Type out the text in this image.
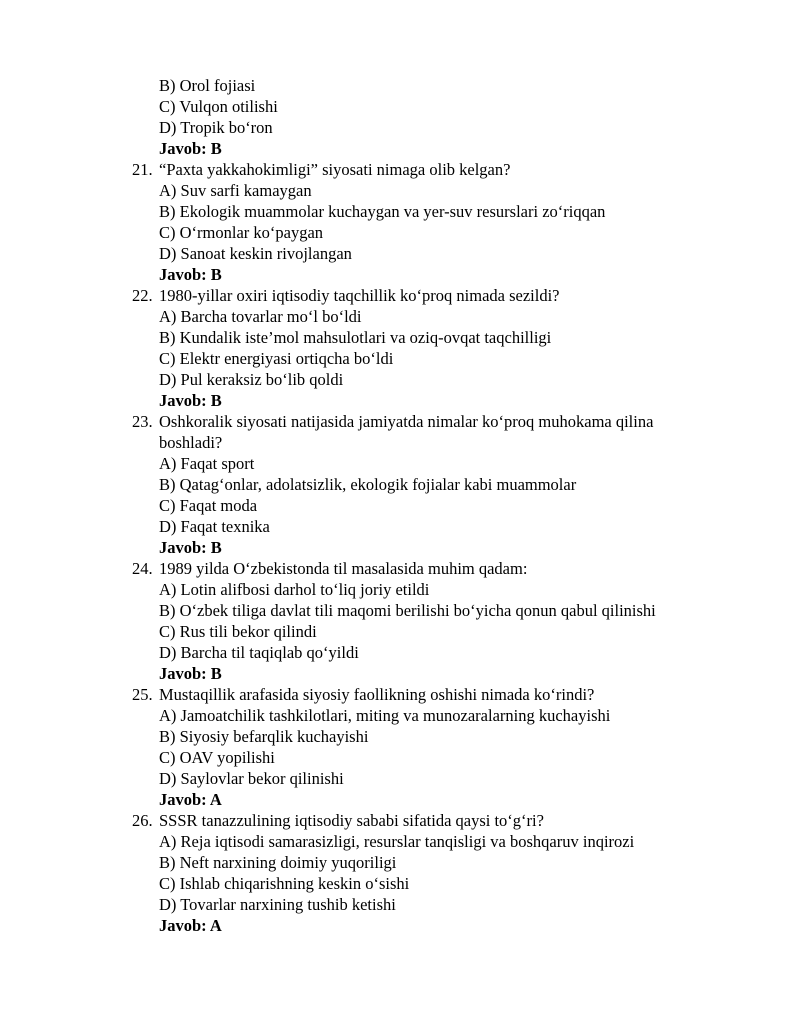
B) Orol fojiasi
C) Vulqon otilishi
D) Tropik bo‘ron
Javob: B
21. “Paxta yakkahokimligi” siyosati nimaga olib kelgan?
A) Suv sarfi kamaygan
B) Ekologik muammolar kuchaygan va yer-suv resurslari zo‘riqqan
C) O‘rmonlar ko‘paygan
D) Sanoat keskin rivojlangan
Javob: B
22. 1980-yillar oxiri iqtisodiy taqchillik ko‘proq nimada sezildi?
A) Barcha tovarlar mo‘l bo‘ldi
B) Kundalik iste’mol mahsulotlari va oziq-ovqat taqchilligi
C) Elektr energiyasi ortiqcha bo‘ldi
D) Pul keraksiz bo‘lib qoldi
Javob: B
23. Oshkoralik siyosati natijasida jamiyatda nimalar ko‘proq muhokama qilina
boshladi?
A) Faqat sport
B) Qatag‘onlar, adolatsizlik, ekologik fojialar kabi muammolar
C) Faqat moda
D) Faqat texnika
Javob: B
24. 1989 yilda O‘zbekistonda til masalasida muhim qadam:
A) Lotin alifbosi darhol to‘liq joriy etildi
B) O‘zbek tiliga davlat tili maqomi berilishi bo‘yicha qonun qabul qilinishi
C) Rus tili bekor qilindi
D) Barcha til taqiqlab qo‘yildi
Javob: B
25. Mustaqillik arafasida siyosiy faollikning oshishi nimada ko‘rindi?
A) Jamoatchilik tashkilotlari, miting va munozaralarning kuchayishi
B) Siyosiy befarqlik kuchayishi
C) OAV yopilishi
D) Saylovlar bekor qilinishi
Javob: A
26. SSSR tanazzulining iqtisodiy sababi sifatida qaysi to‘g‘ri?
A) Reja iqtisodi samarasizligi, resurslar tanqisligi va boshqaruv inqirozi
B) Neft narxining doimiy yuqoriligi
C) Ishlab chiqarishning keskin o‘sishi
D) Tovarlar narxining tushib ketishi
Javob: A
